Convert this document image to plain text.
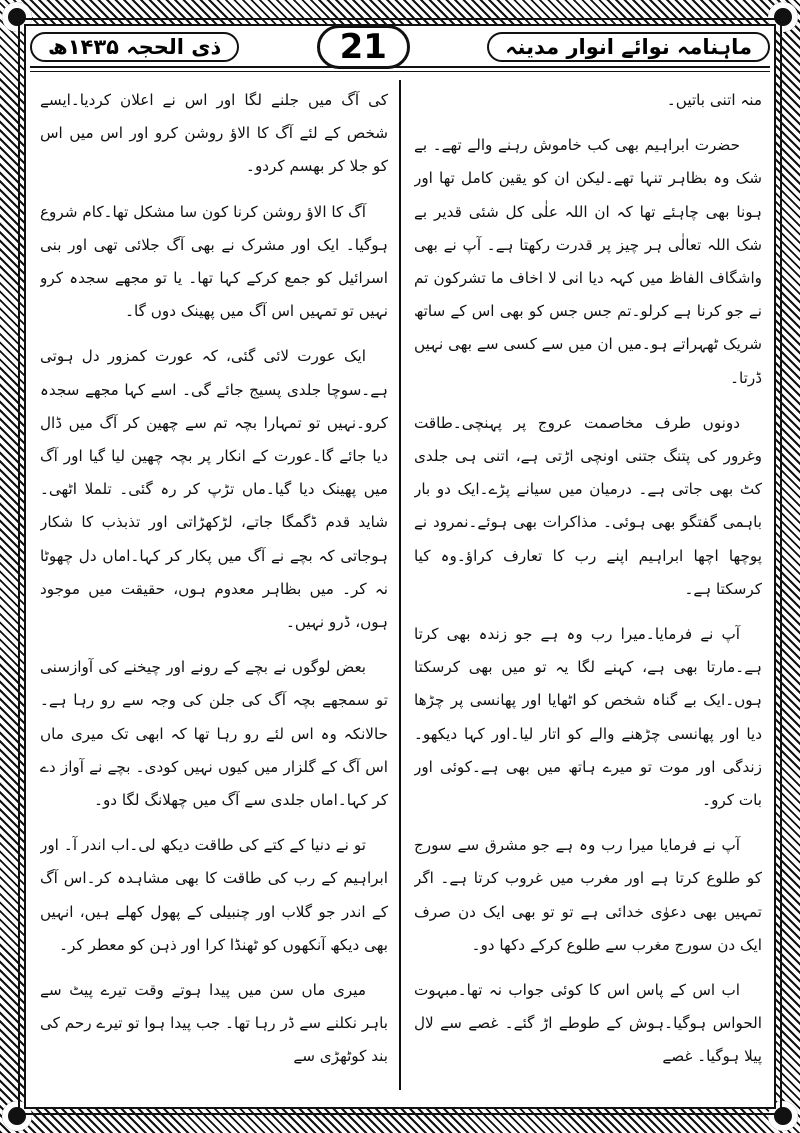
ذی الحجہ ۱۴۳۵ھ	21	ماہنامہ نوائے انوار مدینہ

منہ اتنی باتیں۔

حضرت ابراہیم بھی کب خاموش رہنے والے تھے۔ بے شک وہ بظاہر تنہا تھے۔لیکن ان کو یقین کامل تھا اور ہونا بھی چاہئے تھا کہ ان اللہ علٰی کل شئی قدیر بے شک اللہ تعالٰی ہر چیز پر قدرت رکھتا ہے۔ آپ نے بھی واشگاف الفاظ میں کہہ دیا انی لا اخاف ما تشرکون تم نے جو کرنا ہے کرلو۔تم جس جس کو بھی اس کے ساتھ شریک ٹھہراتے ہو۔میں ان میں سے کسی سے بھی نہیں ڈرتا۔

دونوں طرف مخاصمت عروج پر پہنچی۔طاقت وغرور کی پتنگ جتنی اونچی اڑتی ہے، اتنی ہی جلدی کٹ بھی جاتی ہے۔ درمیان میں سیانے پڑے۔ایک دو بار باہمی گفتگو بھی ہوئی۔ مذاکرات بھی ہوئے۔نمرود نے پوچھا اچھا ابراہیم اپنے رب کا تعارف کراؤ۔وہ کیا کرسکتا ہے۔

آپ نے فرمایا۔میرا رب وہ ہے جو زندہ بھی کرتا ہے۔مارتا بھی ہے، کہنے لگا یہ تو میں بھی کرسکتا ہوں۔ایک بے گناہ شخص کو اٹھایا اور پھانسی پر چڑھا دیا اور پھانسی چڑھنے والے کو اتار لیا۔اور کہا دیکھو۔زندگی اور موت تو میرے ہاتھ میں بھی ہے۔کوئی اور بات کرو۔

آپ نے فرمایا میرا رب وہ ہے جو مشرق سے سورج کو طلوع کرتا ہے اور مغرب میں غروب کرتا ہے۔ اگر تمہیں بھی دعوٰی خدائی ہے تو تو بھی ایک دن صرف ایک دن سورج مغرب سے طلوع کرکے دکھا دو۔

اب اس کے پاس اس کا کوئی جواب نہ تھا۔مبہوت الحواس ہوگیا۔ہوش کے طوطے اڑ گئے۔ غصے سے لال پیلا ہوگیا۔ غصے

کی آگ میں جلنے لگا اور اس نے اعلان کردیا۔ایسے شخص کے لئے آگ کا الاؤ روشن کرو اور اس میں اس کو جلا کر بھسم کردو۔

آگ کا الاؤ روشن کرنا کون سا مشکل تھا۔کام شروع ہوگیا۔ ایک اور مشرک نے بھی آگ جلائی تھی اور بنی اسرائیل کو جمع کرکے کہا تھا۔ یا تو مجھے سجدہ کرو نہیں تو تمہیں اس آگ میں پھینک دوں گا۔

ایک عورت لائی گئی، کہ عورت کمزور دل ہوتی ہے۔سوچا جلدی پسیج جائے گی۔ اسے کہا مجھے سجدہ کرو۔نہیں تو تمہارا بچہ تم سے چھین کر آگ میں ڈال دیا جائے گا۔عورت کے انکار پر بچہ چھین لیا گیا اور آگ میں پھینک دیا گیا۔ماں تڑپ کر رہ گئی۔ تلملا اٹھی۔شاید قدم ڈگمگا جاتے، لڑکھڑاتی اور تذبذب کا شکار ہوجاتی کہ بچے نے آگ میں پکار کر کہا۔اماں دل چھوٹا نہ کر۔ میں بظاہر معدوم ہوں، حقیقت میں موجود ہوں، ڈرو نہیں۔

بعض لوگوں نے بچے کے رونے اور چیخنے کی آوازسنی تو سمجھے بچہ آگ کی جلن کی وجہ سے رو رہا ہے۔حالانکہ وہ اس لئے رو رہا تھا کہ ابھی تک میری ماں اس آگ کے گلزار میں کیوں نہیں کودی۔ بچے نے آواز دے کر کہا۔اماں جلدی سے آگ میں چھلانگ لگا دو۔

تو نے دنیا کے کتے کی طاقت دیکھ لی۔اب اندر آ۔ اور ابراہیم کے رب کی طاقت کا بھی مشاہدہ کر۔اس آگ کے اندر جو گلاب اور چنبیلی کے پھول کھلے ہیں، انہیں بھی دیکھ آنکھوں کو ٹھنڈا کرا اور ذہن کو معطر کر۔

میری ماں سن میں پیدا ہوتے وقت تیرے پیٹ سے باہر نکلنے سے ڈر رہا تھا۔ جب پیدا ہوا تو تیرے رحم کی بند کوٹھڑی سے
